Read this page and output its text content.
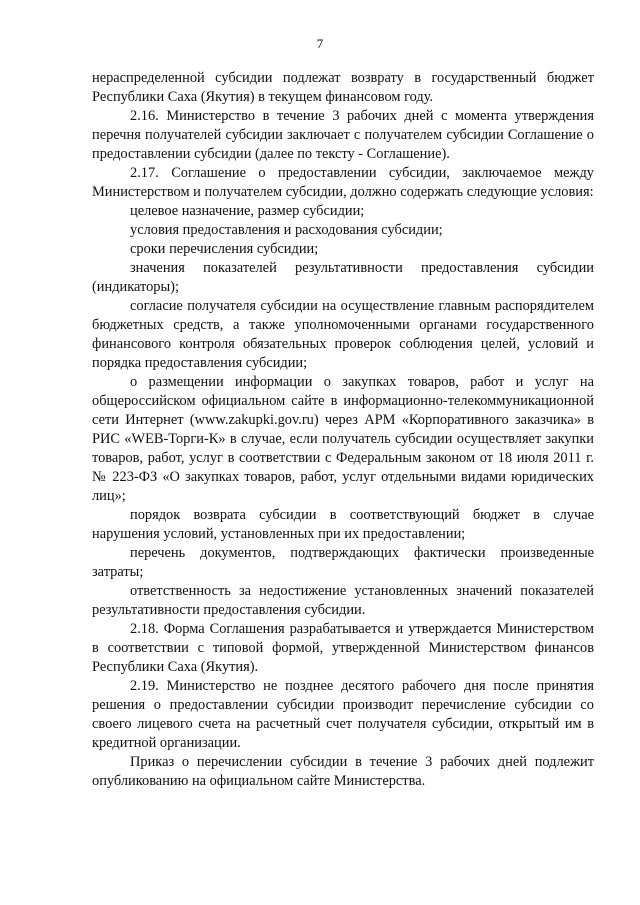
7

нераспределенной субсидии подлежат возврату в государственный бюджет Республики Саха (Якутия) в текущем финансовом году.

2.16. Министерство в течение 3 рабочих дней с момента утверждения перечня получателей субсидии заключает с получателем субсидии Соглашение о предоставлении субсидии (далее по тексту - Соглашение).

2.17. Соглашение о предоставлении субсидии, заключаемое между Министерством и получателем субсидии, должно содержать следующие условия:

целевое назначение, размер субсидии;

условия предоставления и расходования субсидии;

сроки перечисления субсидии;

значения показателей результативности предоставления субсидии (индикаторы);

согласие получателя субсидии на осуществление главным распорядителем бюджетных средств, а также уполномоченными органами государственного финансового контроля обязательных проверок соблюдения целей, условий и порядка предоставления субсидии;

о размещении информации о закупках товаров, работ и услуг на общероссийском официальном сайте в информационно-телекоммуникационной сети Интернет (www.zakupki.gov.ru) через АРМ «Корпоративного заказчика» в РИС «WEB-Торги-К» в случае, если получатель субсидии осуществляет закупки товаров, работ, услуг в соответствии с Федеральным законом от 18 июля 2011 г. № 223-ФЗ «О закупках товаров, работ, услуг отдельными видами юридических лиц»;

порядок возврата субсидии в соответствующий бюджет в случае нарушения условий, установленных при их предоставлении;

перечень документов, подтверждающих фактически произведенные затраты;

ответственность за недостижение установленных значений показателей результативности предоставления субсидии.

2.18. Форма Соглашения разрабатывается и утверждается Министерством в соответствии с типовой формой, утвержденной Министерством финансов Республики Саха (Якутия).

2.19. Министерство не позднее десятого рабочего дня после принятия решения о предоставлении субсидии производит перечисление субсидии со своего лицевого счета на расчетный счет получателя субсидии, открытый им в кредитной организации.

Приказ о перечислении субсидии в течение 3 рабочих дней подлежит опубликованию на официальном сайте Министерства.
